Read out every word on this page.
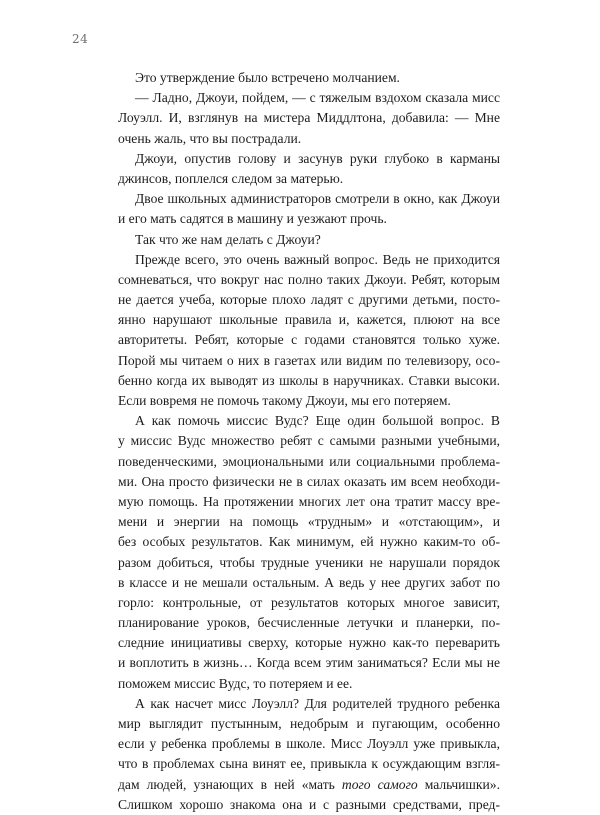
24
Это утверждение было встречено молчанием.
— Ладно, Джоуи, пойдем, — с тяжелым вздохом сказала мисс
Лоуэлл. И, взглянув на мистера Миддлтона, добавила: — Мне
очень жаль, что вы пострадали.
Джоуи, опустив голову и засунув руки глубоко в карманы
джинсов, поплелся следом за матерью.
Двое школьных администраторов смотрели в окно, как Джоуи
и его мать садятся в машину и уезжают прочь.
Так что же нам делать с Джоуи?
Прежде всего, это очень важный вопрос. Ведь не приходится
сомневаться, что вокруг нас полно таких Джоуи. Ребят, которым
не дается учеба, которые плохо ладят с другими детьми, посто-
янно нарушают школьные правила и, кажется, плюют на все
авторитеты. Ребят, которые с годами становятся только хуже.
Порой мы читаем о них в газетах или видим по телевизору, осо-
бенно когда их выводят из школы в наручниках. Ставки высоки.
Если вовремя не помочь такому Джоуи, мы его потеряем.
А как помочь миссис Вудс? Еще один большой вопрос. В
у миссис Вудс множество ребят с самыми разными учебными,
поведенческими, эмоциональными или социальными проблема-
ми. Она просто физически не в силах оказать им всем необходи-
мую помощь. На протяжении многих лет она тратит массу вре-
мени и энергии на помощь «трудным» и «отстающим», и
без особых результатов. Как минимум, ей нужно каким-то об-
разом добиться, чтобы трудные ученики не нарушали порядок
в классе и не мешали остальным. А ведь у нее других забот по
горло: контрольные, от результатов которых многое зависит,
планирование уроков, бесчисленные летучки и планерки, по-
следние инициативы сверху, которые нужно как-то переварить
и воплотить в жизнь… Когда всем этим заниматься? Если мы не
поможем миссис Вудс, то потеряем и ее.
А как насчет мисс Лоуэлл? Для родителей трудного ребенка
мир выглядит пустынным, недобрым и пугающим, особенно
если у ребенка проблемы в школе. Мисс Лоуэлл уже привыкла,
что в проблемах сына винят ее, привыкла к осуждающим взгля-
дам людей, узнающих в ней «мать того самого мальчишки».
Слишком хорошо знакома она и с разными средствами, пред-
